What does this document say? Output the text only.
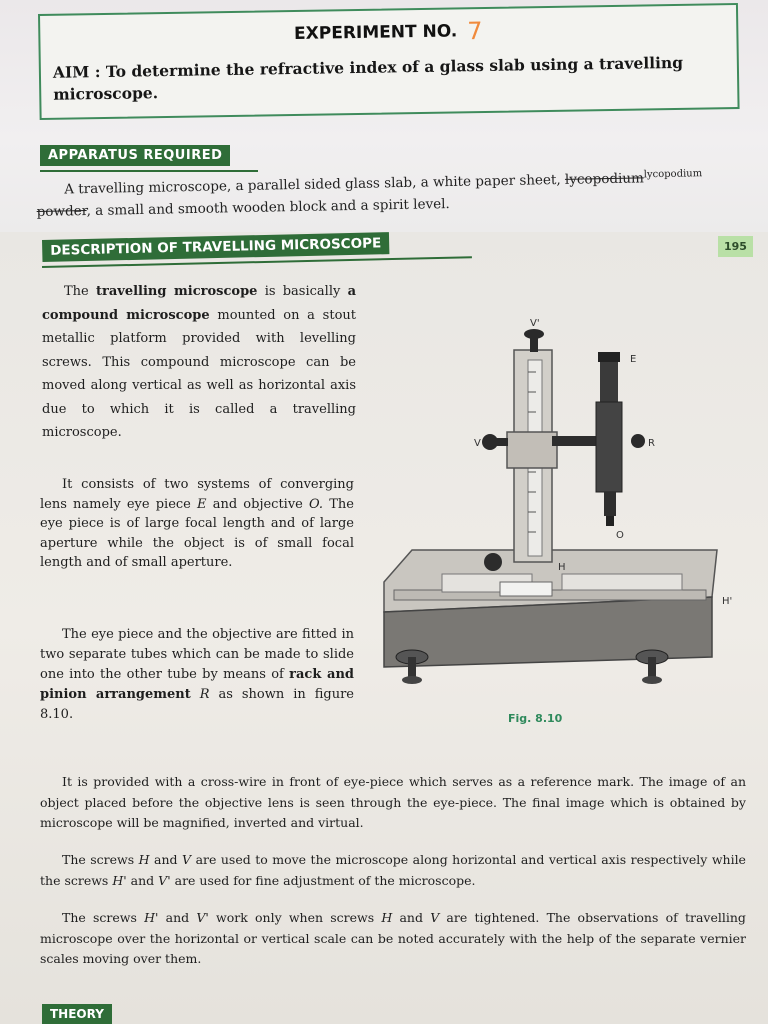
EXPERIMENT NO. 7
AIM : To determine the refractive index of a glass slab using a travelling microscope.
APPARATUS REQUIRED
A travelling microscope, a parallel sided glass slab, a white paper sheet, lycopodium$^{lycopodium}$
powder, a small and smooth wooden block and a spirit level.
195
DESCRIPTION OF TRAVELLING MICROSCOPE

The travelling microscope is basically a compound microscope mounted on a stout metallic platform provided with levelling screws. This compound microscope can be moved along vertical as well as horizontal axis due to which it is called a travelling microscope.

It consists of two systems of converging lens namely eye piece E and objective O. The eye piece is of large focal length and of large aperture while the object is of small focal length and of small aperture.

The eye piece and the objective are fitted in two separate tubes which can be made to slide one into the other tube by means of rack and pinion arrangement R as shown in figure 8.10.

V'
E
V	R
O
H
H'
Fig. 8.10

It is provided with a cross-wire in front of eye-piece which serves as a reference mark. The image of an object placed before the objective lens is seen through the eye-piece. The final image which is obtained by microscope will be magnified, inverted and virtual.

The screws H and V are used to move the microscope along horizontal and vertical axis respectively while the screws H' and V' are used for fine adjustment of the microscope.

The screws H' and V' work only when screws H and V are tightened. The observations of travelling microscope over the horizontal or vertical scale can be noted accurately with the help of the separate vernier scales moving over them.

THEORY
